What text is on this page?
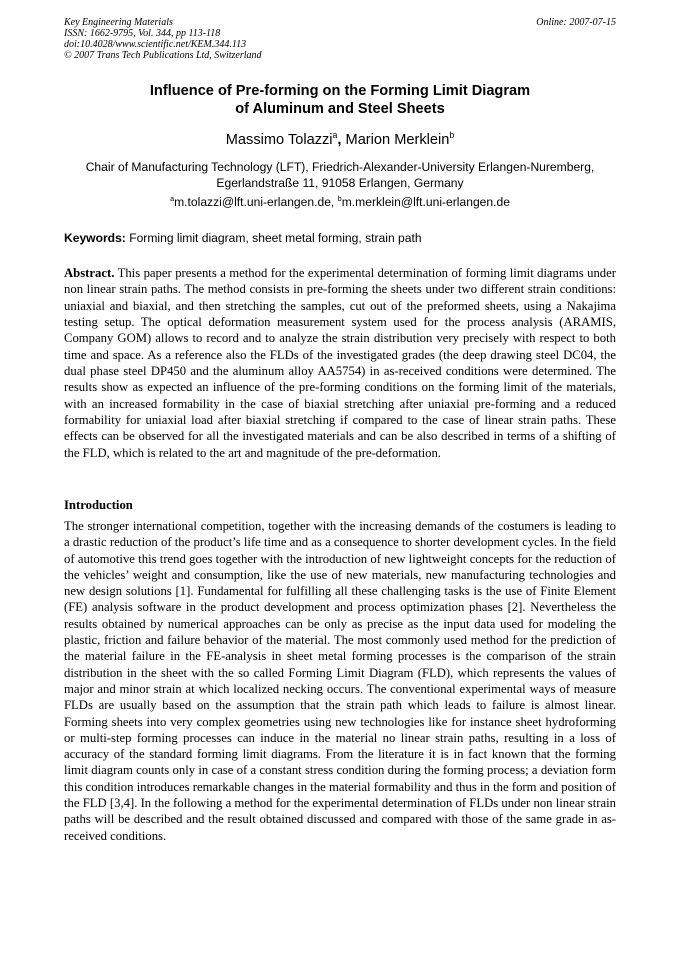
Key Engineering Materials
ISSN: 1662-9795, Vol. 344, pp 113-118
doi:10.4028/www.scientific.net/KEM.344.113
© 2007 Trans Tech Publications Ltd, Switzerland
Online: 2007-07-15
Influence of Pre-forming on the Forming Limit Diagram
of Aluminum and Steel Sheets
Massimo Tolazzi$^a$, Marion Merklein$^b$
Chair of Manufacturing Technology (LFT), Friedrich-Alexander-University Erlangen-Nuremberg,
Egerlandstraße 11, 91058 Erlangen, Germany
$^a$m.tolazzi@lft.uni-erlangen.de, $^b$m.merklein@lft.uni-erlangen.de
Keywords: Forming limit diagram, sheet metal forming, strain path
Abstract. This paper presents a method for the experimental determination of forming limit diagrams under non linear strain paths. The method consists in pre-forming the sheets under two different strain conditions: uniaxial and biaxial, and then stretching the samples, cut out of the preformed sheets, using a Nakajima testing setup. The optical deformation measurement system used for the process analysis (ARAMIS, Company GOM) allows to record and to analyze the strain distribution very precisely with respect to both time and space. As a reference also the FLDs of the investigated grades (the deep drawing steel DC04, the dual phase steel DP450 and the aluminum alloy AA5754) in as-received conditions were determined. The results show as expected an influence of the pre-forming conditions on the forming limit of the materials, with an increased formability in the case of biaxial stretching after uniaxial pre-forming and a reduced formability for uniaxial load after biaxial stretching if compared to the case of linear strain paths. These effects can be observed for all the investigated materials and can be also described in terms of a shifting of the FLD, which is related to the art and magnitude of the pre-deformation.
Introduction
The stronger international competition, together with the increasing demands of the costumers is leading to a drastic reduction of the product’s life time and as a consequence to shorter development cycles. In the field of automotive this trend goes together with the introduction of new lightweight concepts for the reduction of the vehicles’ weight and consumption, like the use of new materials, new manufacturing technologies and new design solutions [1]. Fundamental for fulfilling all these challenging tasks is the use of Finite Element (FE) analysis software in the product development and process optimization phases [2]. Nevertheless the results obtained by numerical approaches can be only as precise as the input data used for modeling the plastic, friction and failure behavior of the material. The most commonly used method for the prediction of the material failure in the FE-analysis in sheet metal forming processes is the comparison of the strain distribution in the sheet with the so called Forming Limit Diagram (FLD), which represents the values of major and minor strain at which localized necking occurs. The conventional experimental ways of measure FLDs are usually based on the assumption that the strain path which leads to failure is almost linear. Forming sheets into very complex geometries using new technologies like for instance sheet hydroforming or multi-step forming processes can induce in the material no linear strain paths, resulting in a loss of accuracy of the standard forming limit diagrams. From the literature it is in fact known that the forming limit diagram counts only in case of a constant stress condition during the forming process; a deviation form this condition introduces remarkable changes in the material formability and thus in the form and position of the FLD [3,4]. In the following a method for the experimental determination of FLDs under non linear strain paths will be described and the result obtained discussed and compared with those of the same grade in as-received conditions.
